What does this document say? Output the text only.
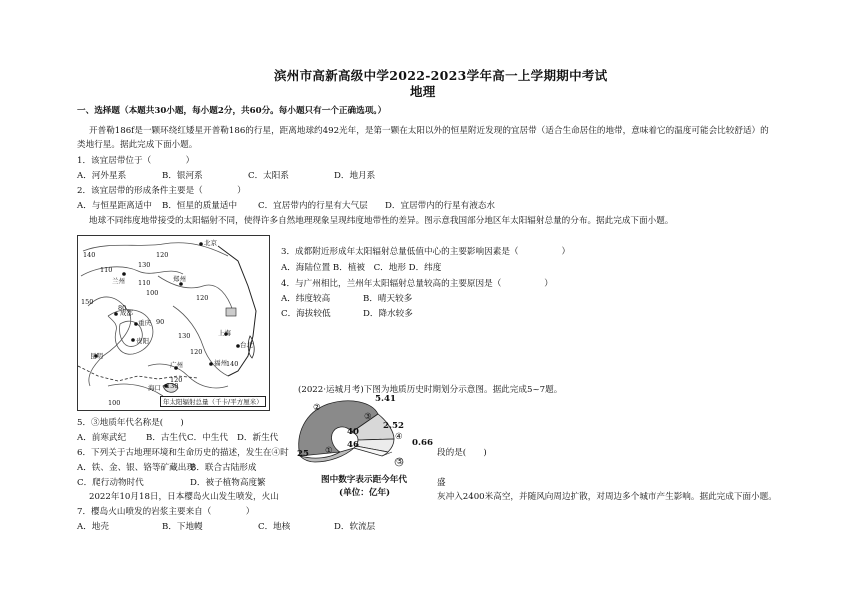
滨州市高新高级中学2022-2023学年高一上学期期中考试
地理
一、选择题（本题共30小题，每小题2分，共60分。每小题只有一个正确选项。）
开普勒186f是一颗环绕红矮星开普勒186的行星，距离地球约492光年，是第一颗在太阳以外的恒星附近发现的宜居带（适合生命居住的地带，意味着它的温度可能会比较舒适）的
类地行星。据此完成下面小题。
1．该宜居带位于（　　　　）
A．河外星系	B．银河系	C．太阳系	D．地月系
2．该宜居带的形成条件主要是（　　　　）
A．与恒星距离适中 B．恒星的质量适中 C．宜居带内的行星有大气层 D．宜居带内的行星有液态水
地球不同纬度地带接受的太阳辐射不同，使得许多自然地理现象呈现纬度地带性的差异。图示意我国部分地区年太阳辐射总量的分布。据此完成下面小题。
北京
兰州	郑州
成都
重庆
贵阳
上海
福州
台北
广州
海口
昆明
140
150
110
130
120
100
110
120
90
80
120
130
140
120
130
100	年太阳辐射总量（千卡/平方厘米）
3．成都附近形成年太阳辐射总量低值中心的主要影响因素是（　　　　　）
A．海陆位置 B．植被　C．地形 D．纬度
4．与广州相比，兰州年太阳辐射总量较高的主要原因是（　　　　　）
A．纬度较高	B．晴天较多
C．海拔较低	D．降水较多
(2022·运城月考)下图为地质历史时期划分示意图。据此完成5~7题。
5.41
2.52
0.66
40
46
25
②
③
④
①
⑤
图中数字表示距今年代
(单位：亿年)
5．③地质年代名称是(　　)
A．前寒武纪 B．古生代 C．中生代 D．新生代
6．下列关于古地理环境和生命历史的描述，发生在④时	段的是(　　)
A．铁、金、银、铬等矿藏出现
B．联合古陆形成
C．爬行动物时代	D．被子植物高度繁	盛
2022年10月18日，日本樱岛火山发生喷发，火山	灰冲入2400米高空，并随风向周边扩散，对周边多个城市产生影响。据此完成下面小题。
7．樱岛火山喷发的岩浆主要来自（　　　　）
A．地壳	B．下地幔	C．地核	D．软流层
